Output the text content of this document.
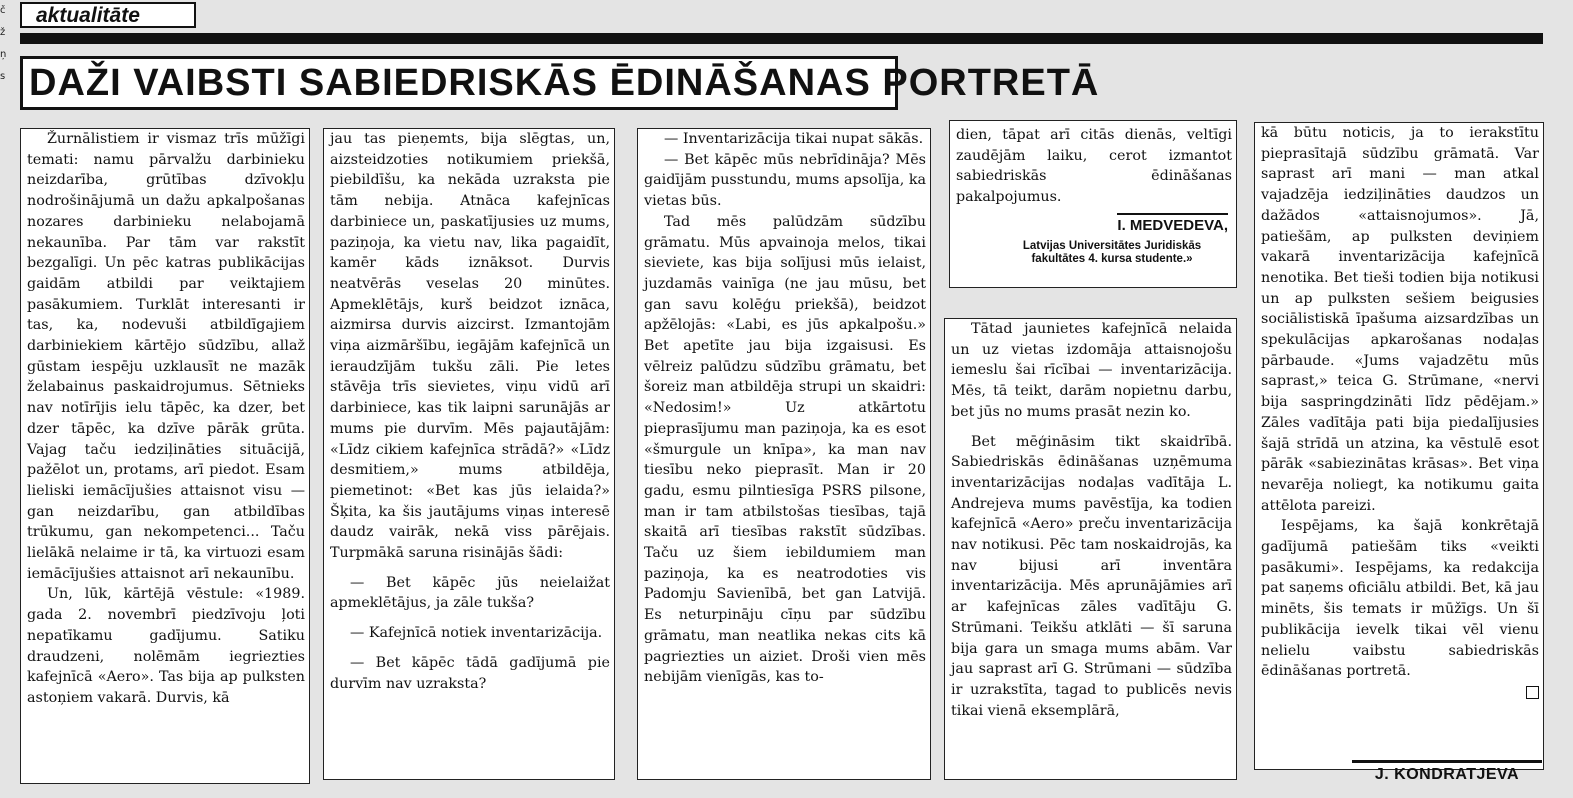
č
ž
ņ
s
aktualitāte
DAŽI VAIBSTI SABIEDRISKĀS ĒDINĀŠANAS PORTRETĀ

Žurnālistiem ir vismaz trīs mūžīgi temati: namu pārvalžu darbinieku neizdarība, grūtības dzīvokļu nodrošinājumā un dažu apkalpošanas nozares darbinieku nelabojamā nekaunība. Par tām var rakstīt bezgalīgi. Un pēc katras publikācijas gaidām atbildi par veiktajiem pasākumiem. Turklāt interesanti ir tas, ka, nodevuši atbildīgajiem darbiniekiem kārtējo sūdzību, allaž gūstam iespēju uzklausīt ne mazāk želabainus paskaidrojumus. Sētnieks nav notīrījis ielu tāpēc, ka dzer, bet dzer tāpēc, ka dzīve pārāk grūta. Vajag taču iedziļināties situācijā, pažēlot un, protams, arī piedot. Esam lieliski iemācījušies attaisnot visu — gan neizdarību, gan atbildības trūkumu, gan nekompetenci... Taču lielākā nelaime ir tā, ka virtuozi esam iemācījušies attaisnot arī nekaunību.

Un, lūk, kārtējā vēstule: «1989. gada 2. novembrī piedzīvoju ļoti nepatīkamu gadījumu. Satiku draudzeni, nolēmām iegriezties kafejnīcā «Aero». Tas bija ap pulksten astoņiem vakarā. Durvis, kā

jau tas pieņemts, bija slēgtas, un, aizsteidzoties notikumiem priekšā, piebildīšu, ka nekāda uzraksta pie tām nebija. Atnāca kafejnīcas darbiniece un, paskatījusies uz mums, paziņoja, ka vietu nav, lika pagaidīt, kamēr kāds iznāksot. Durvis neatvērās veselas 20 minūtes. Apmeklētājs, kurš beidzot iznāca, aizmirsa durvis aizcirst. Izmantojām viņa aizmāršību, iegājām kafejnīcā un ieraudzījām tukšu zāli. Pie letes stāvēja trīs sievietes, viņu vidū arī darbiniece, kas tik laipni sarunājās ar mums pie durvīm. Mēs pajautājām: «Līdz cikiem kafejnīca strādā?» «Līdz desmitiem,» mums atbildēja, piemetinot: «Bet kas jūs ielaida?» Šķita, ka šis jautājums viņas interesē daudz vairāk, nekā viss pārējais. Turpmākā saruna risinājās šādi:

— Bet kāpēc jūs neielaižat apmeklētājus, ja zāle tukša?

— Kafejnīcā notiek inventarizācija.

— Bet kāpēc tādā gadījumā pie durvīm nav uzraksta?

— Inventarizācija tikai nupat sākās.

— Bet kāpēc mūs nebrīdināja? Mēs gaidījām pusstundu, mums apsolīja, ka vietas būs.

Tad mēs palūdzām sūdzību grāmatu. Mūs apvainoja melos, tikai sieviete, kas bija solījusi mūs ielaist, juzdamās vainīga (ne jau mūsu, bet gan savu kolēģu priekšā), beidzot apžēlojās: «Labi, es jūs apkalpošu.» Bet apetīte jau bija izgaisusi. Es vēlreiz palūdzu sūdzību grāmatu, bet šoreiz man atbildēja strupi un skaidri: «Nedosim!» Uz atkārtotu pieprasījumu man paziņoja, ka es esot «šmurgule un knīpa», ka man nav tiesību neko pieprasīt. Man ir 20 gadu, esmu pilntiesīga PSRS pilsone, man ir tam atbilstošas tiesības, tajā skaitā arī tiesības rakstīt sūdzības. Taču uz šiem iebildumiem man paziņoja, ka es neatrodoties vis Padomju Savienībā, bet gan Latvijā. Es neturpināju cīņu par sūdzību grāmatu, man neatlika nekas cits kā pagriezties un aiziet. Droši vien mēs nebijām vienīgās, kas to-

dien, tāpat arī citās dienās, veltīgi zaudējām laiku, cerot izmantot sabiedriskās ēdināšanas pakalpojumus.

I. MEDVEDEVA,
Latvijas Universitātes Juridiskās fakultātes 4. kursa studente.»

Tātad jaunietes kafejnīcā nelaida un uz vietas izdomāja attaisnojošu iemeslu šai rīcībai — inventarizācija. Mēs, tā teikt, darām nopietnu darbu, bet jūs no mums prasāt nezin ko.

Bet mēģināsim tikt skaidrībā. Sabiedriskās ēdināšanas uzņēmuma inventarizācijas nodaļas vadītāja L. Andrejeva mums pavēstīja, ka todien kafejnīcā «Aero» preču inventarizācija nav notikusi. Pēc tam noskaidrojās, ka nav bijusi arī inventāra inventarizācija. Mēs aprunājāmies arī ar kafejnīcas zāles vadītāju G. Strūmani. Teikšu atklāti — šī saruna bija gara un smaga mums abām. Var jau saprast arī G. Strūmani — sūdzība ir uzrakstīta, tagad to publicēs nevis tikai vienā eksemplārā,

kā būtu noticis, ja to ierakstītu pieprasītajā sūdzību grāmatā. Var saprast arī mani — man atkal vajadzēja iedziļināties daudzos un dažādos «attaisnojumos». Jā, patiešām, ap pulksten deviņiem vakarā inventarizācija kafejnīcā nenotika. Bet tieši todien bija notikusi un ap pulksten sešiem beigusies sociālistiskā īpašuma aizsardzības un spekulācijas apkarošanas nodaļas pārbaude. «Jums vajadzētu mūs saprast,» teica G. Strūmane, «nervi bija saspringdzināti līdz pēdējam.» Zāles vadītāja pati bija piedalījusies šajā strīdā un atzina, ka vēstulē esot pārāk «sabiezinātas krāsas». Bet viņa nevarēja noliegt, ka notikumu gaita attēlota pareizi.

Iespējams, ka šajā konkrētajā gadījumā patiešām tiks «veikti pasākumi». Iespējams, ka redakcija pat saņems oficiālu atbildi. Bet, kā jau minēts, šis temats ir mūžīgs. Un šī publikācija ievelk tikai vēl vienu nelielu vaibstu sabiedriskās ēdināšanas portretā.

J. KONDRATJEVA
